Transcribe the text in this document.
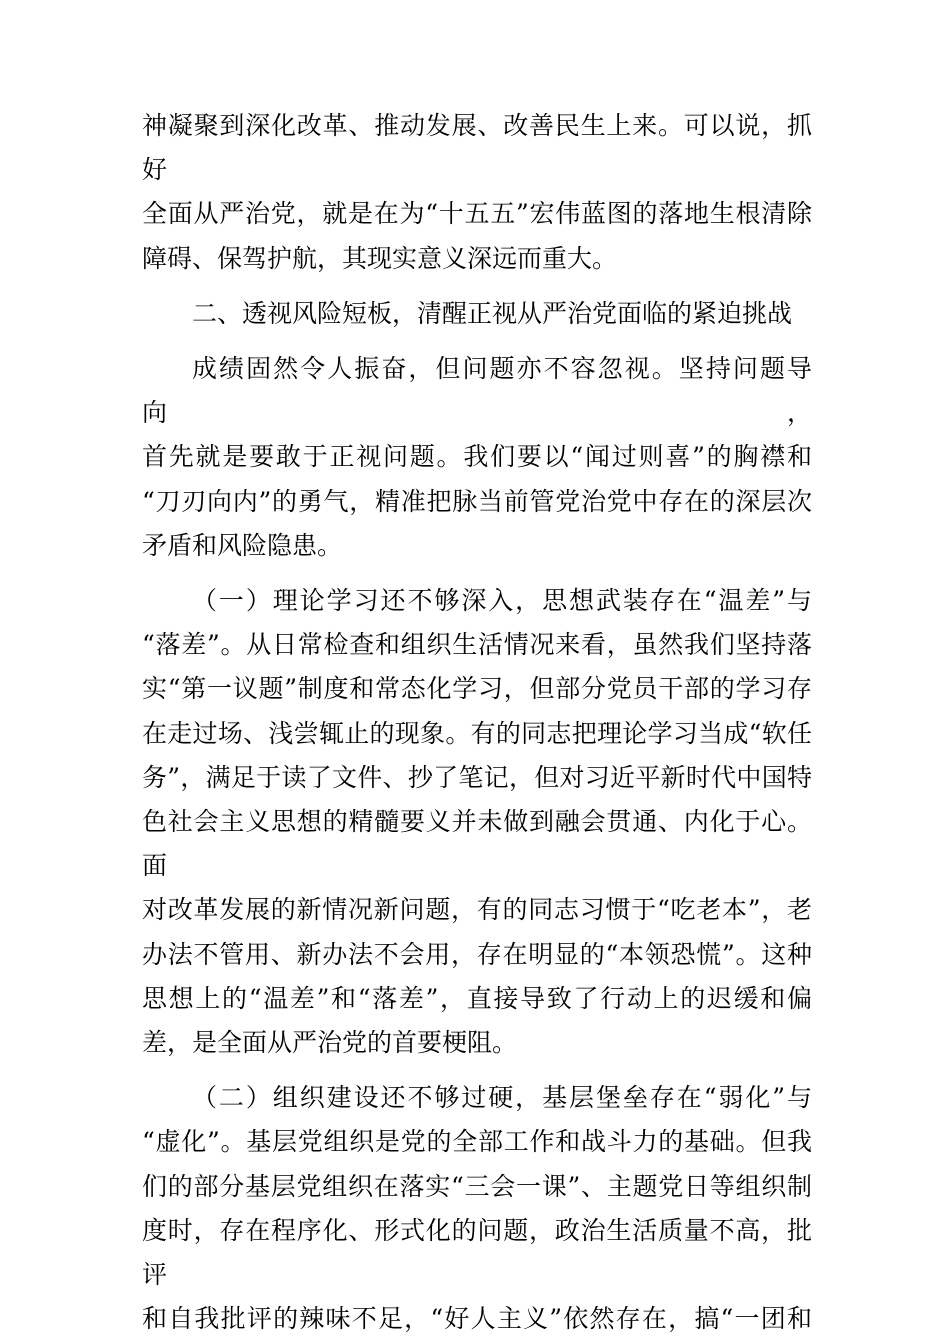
神凝聚到深化改革、推动发展、改善民生上来。可以说，抓好
全面从严治党，就是在为“十五五”宏伟蓝图的落地生根清除
障碍、保驾护航，其现实意义深远而重大。
二、透视风险短板，清醒正视从严治党面临的紧迫挑战
成绩固然令人振奋，但问题亦不容忽视。坚持问题导向，
首先就是要敢于正视问题。我们要以“闻过则喜”的胸襟和
“刀刃向内”的勇气，精准把脉当前管党治党中存在的深层次
矛盾和风险隐患。
（一）理论学习还不够深入，思想武装存在“温差”与
“落差”。从日常检查和组织生活情况来看，虽然我们坚持落
实“第一议题”制度和常态化学习，但部分党员干部的学习存
在走过场、浅尝辄止的现象。有的同志把理论学习当成“软任
务”，满足于读了文件、抄了笔记，但对习近平新时代中国特
色社会主义思想的精髓要义并未做到融会贯通、内化于心。面
对改革发展的新情况新问题，有的同志习惯于“吃老本”，老
办法不管用、新办法不会用，存在明显的“本领恐慌”。这种
思想上的“温差”和“落差”，直接导致了行动上的迟缓和偏
差，是全面从严治党的首要梗阻。
（二）组织建设还不够过硬，基层堡垒存在“弱化”与
“虚化”。基层党组织是党的全部工作和战斗力的基础。但我
们的部分基层党组织在落实“三会一课”、主题党日等组织制
度时，存在程序化、形式化的问题，政治生活质量不高，批评
和自我批评的辣味不足，“好人主义”依然存在，搞“一团和
